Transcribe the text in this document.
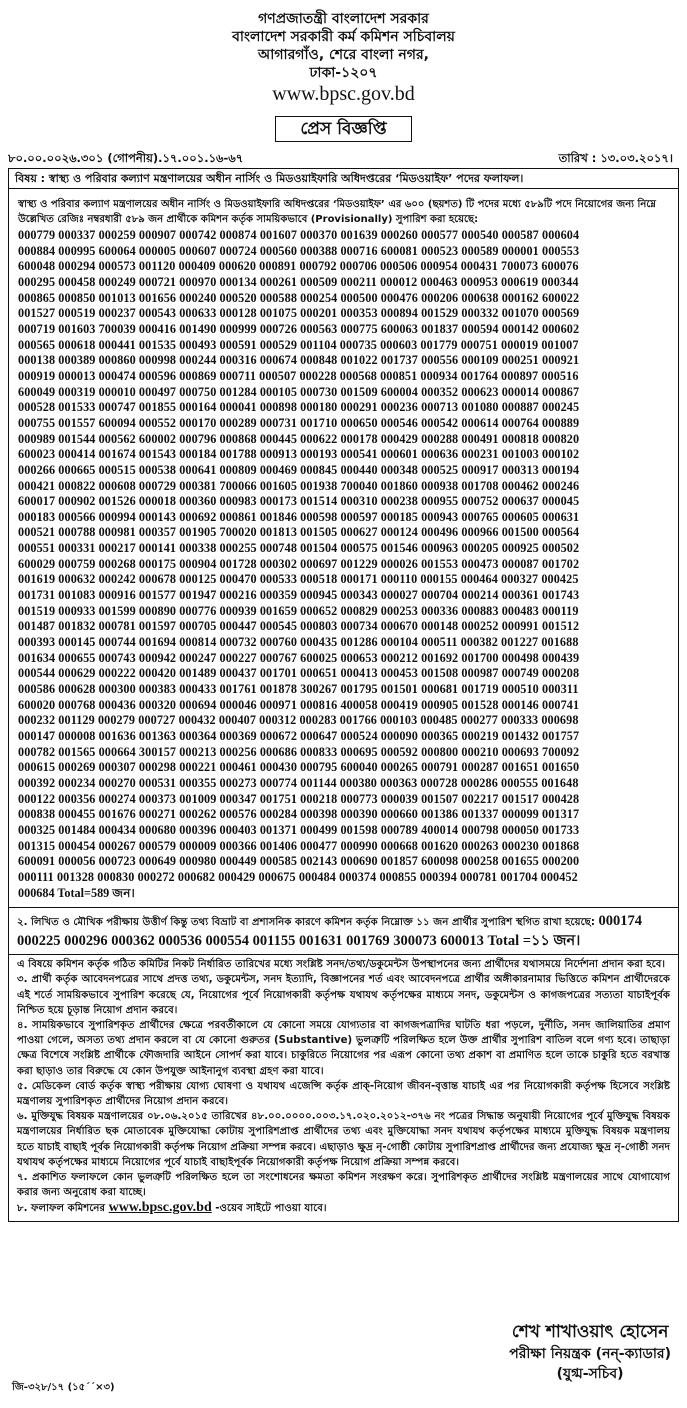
গণপ্রজাতন্ত্রী বাংলাদেশ সরকার
বাংলাদেশ সরকারী কর্ম কমিশন সচিবালয়
আগারগাঁও, শেরে বাংলা নগর,
ঢাকা-১২০৭
www.bpsc.gov.bd
প্রেস বিজ্ঞপ্তি
৮০.০০.০০২৬.৩০১ (গোপনীয়).১৭.০০১.১৬-৬৭	তারিখ : ১৩.০৩.২০১৭।
বিষয় : স্বাস্থ্য ও পরিবার কল্যাণ মন্ত্রণালয়ের অধীন নার্সিং ও মিডওয়াইফারি অধিদপ্তরের ‘মিডওয়াইফ’ পদের ফলাফল।
স্বাস্থ্য ও পরিবার কল্যাণ মন্ত্রণালয়ের অধীন নার্সিং ও মিডওয়াইফারি অধিদপ্তরের ‘মিডওয়াইফ’ এর ৬০০ (ছয়শত) টি পদের মধ্যে ৫৮৯টি পদে নিয়োগের জন্য নিম্নে উল্লেখিত রেজিঃ নম্বরধারী ৫৮৯ জন প্রার্থীকে কমিশন কর্তৃক সাময়িকভাবে (Provisionally) সুপারিশ করা হয়েছে:
000779 000337 000259 000907 000742 000874 001607 000370 001639 000260 000577 000540 000587 000604
000884 000995 600064 000005 000607 000724 000560 000388 000716 600081 000523 000589 000001 000553
600048 000294 000573 001120 000409 000620 000891 000792 000706 000506 000954 000431 700073 600076
000295 000458 000249 000721 000970 000134 000261 000509 000211 000012 000463 000953 000619 000344
000865 000850 001013 001656 000240 000520 000588 000254 000500 000476 000206 000638 000162 600022
001527 000519 000237 000543 000633 000128 001075 000201 000353 000894 001529 000332 001070 000569
000719 001603 700039 000416 001490 000999 000726 000563 000775 600063 001837 000594 000142 000602
000565 000618 000441 001535 000493 000591 000529 001104 000735 000603 001779 000751 000019 001007
000138 000389 000860 000998 000244 000316 000674 000848 001022 001737 000556 000109 000251 000921
000919 000013 000474 000596 000869 000711 000507 000228 000568 000851 000934 001764 000897 000516
600049 000319 000010 000497 000750 001284 000105 000730 001509 600004 000352 000623 000014 000867
000528 001533 000747 001855 000164 000041 000898 000180 000291 000236 000713 001080 000887 000245
000755 001557 600094 000552 000170 000289 000731 001710 000650 000546 000542 000614 000764 000889
000989 001544 000562 600002 000796 000868 000445 000622 000178 000429 000288 000491 000818 000820
600023 000414 001674 001543 000184 001788 000913 000193 000541 000601 000636 000231 001003 000102
000266 000665 000515 000538 000641 000809 000469 000845 000440 000348 000525 000917 000313 000194
000421 000822 000608 000729 000381 700066 001605 001938 700040 001860 000938 001708 000462 000246
600017 000902 001526 000018 000360 000983 000173 001514 000310 000238 000955 000752 000637 000045
000183 000566 000994 000143 000692 000861 001846 000598 000597 000185 000943 000765 000605 000631
000521 000788 000981 000357 001905 700020 001813 001505 000627 000124 000496 000966 001500 000564
000551 000331 000217 000141 000338 000255 000748 001504 000575 001546 000963 000205 000925 000502
600029 000759 000268 000175 000904 001728 000302 000697 001229 000026 001553 000473 000087 001702
001619 000632 000242 000678 000125 000470 000533 000518 000171 000110 000155 000464 000327 000425
001731 001083 000916 001577 001947 000216 000359 000945 000343 000027 000704 000214 000361 001743
001519 000933 001599 000890 000776 000939 001659 000652 000829 000253 000336 000883 000483 000119
001487 001832 000781 001597 000705 000447 000545 000803 000734 000670 000148 000252 000991 001512
000393 000145 000744 001694 000814 000732 000760 000435 001286 000104 000511 000382 001227 001688
001634 000655 000743 000942 000247 000227 000767 600025 000653 000212 001692 001700 000498 000439
000544 000629 000222 000420 001489 000437 001701 000651 000413 000453 001508 000987 000749 000208
000586 000628 000300 000383 000433 001761 001878 300267 001795 001501 000681 001719 000510 000311
600020 000768 000436 000320 000694 000046 000971 000816 400058 000419 000905 001528 000146 000741
000232 001129 000279 000727 000432 000407 000312 000283 001766 000103 000485 000277 000333 000698
000147 000008 001636 001363 000364 000369 000672 000647 000524 000090 000365 000219 001432 001757
000782 001565 000664 300157 000213 000256 000686 000833 000695 000592 000800 000210 000693 700092
000615 000269 000307 000298 000221 000461 000430 000795 600040 000265 000791 000287 001651 001650
000392 000234 000270 000531 000355 000273 000774 001144 000380 000363 000728 000286 000555 001648
000122 000356 000274 000373 001009 000347 001751 000218 000773 000039 001507 002217 001517 000428
000838 000455 001676 000271 000262 000576 000284 000398 000390 000660 001386 001337 000099 001317
000325 001484 000434 000680 000396 000403 001371 000499 001598 000789 400014 000798 000050 001733
001315 000454 000267 000579 000009 000366 001406 000477 000990 000668 001620 000263 000230 001868
600091 000056 000723 000649 000980 000449 000585 002143 000690 001857 600098 000258 001655 000200
000111 001328 000830 000272 000682 000429 000675 000484 000374 000855 000394 000781 001704 000452
000684 Total=589 জন।
২. লিখিত ও মৌখিক পরীক্ষায় উত্তীর্ণ কিন্তু তথ্য বিভ্রাট বা প্রশাসনিক কারণে কমিশন কর্তৃক নিম্নোক্ত ১১ জন প্রার্থীর সুপারিশ স্থগিত রাখা হয়েছে: 000174 000225 000296 000362 000536 000554 001155 001631 001769 300073 600013 Total =১১ জন।

এ বিষয়ে কমিশন কর্তৃক গঠিত কমিটির নিকট নির্ধারিত তারিখের মধ্যে সংশ্লিষ্ট সনদ/তথ্য/ডকুমেন্টস উপস্থাপনের জন্য প্রার্থীদের যথাসময়ে নির্দেশনা প্রদান করা হবে।

৩. প্রার্থী কর্তৃক আবেদনপত্রের সাথে প্রদত্ত তথ্য, ডকুমেন্টস, সনদ ইত্যাদি, বিজ্ঞাপনের শর্ত এবং আবেদনপত্রে প্রার্থীর অঙ্গীকারনামার ভিত্তিতে কমিশন প্রার্থীদেরকে এই শর্তে সাময়িকভাবে সুপারিশ করেছে যে, নিয়োগের পূর্বে নিয়োগকারী কর্তৃপক্ষ যথাযথ কর্তৃপক্ষের মাধ্যমে সনদ, ডকুমেন্টস ও কাগজপত্রের সত্যতা যাচাইপূর্বক নিশ্চিত হয়ে চূড়ান্ত নিয়োগ প্রদান করবে।

৪. সাময়িকভাবে সুপারিশকৃত প্রার্থীদের ক্ষেত্রে পরবর্তীকালে যে কোনো সময়ে যোগ্যতার বা কাগজপত্রাদির ঘাটতি ধরা পড়লে, দুর্নীতি, সনদ জালিয়াতির প্রমাণ পাওয়া গেলে, অসত্য তথ্য প্রদান করলে বা যে কোনো গুরুতর (Substantive) ভুলত্রুটি পরিলক্ষিত হলে উক্ত প্রার্থীর সুপারিশ বাতিল বলে গণ্য হবে। তাছাড়া ক্ষেত্র বিশেষে সংশ্লিষ্ট প্রার্থীকে ফৌজদারি আইনে সোপর্দ করা যাবে। চাকুরিতে নিয়োগের পর এরূপ কোনো তথ্য প্রকাশ বা প্রমাণিত হলে তাকে চাকুরি হতে বরখাস্ত করা ছাড়াও তার বিরুদ্ধে যে কোন উপযুক্ত আইনানুগ ব্যবস্থা গ্রহণ করা যাবে।

৫. মেডিকেল বোর্ড কর্তৃক স্বাস্থ্য পরীক্ষায় যোগ্য ঘোষণা ও যথাযথ এজেন্সি কর্তৃক প্রাক্-নিয়োগ জীবন-বৃত্তান্ত যাচাই এর পর নিয়োগকারী কর্তৃপক্ষ হিসেবে সংশ্লিষ্ট মন্ত্রণালয় সুপারিশকৃত প্রার্থীদের নিয়োগ প্রদান করবে।

৬. মুক্তিযুদ্ধ বিষয়ক মন্ত্রণালয়ের ০৮.০৬.২০১৫ তারিখের ৪৮.০০.০০০০.০০৩.১৭.০২০.২০১২-৩৭৬ নং পত্রের সিদ্ধান্ত অনুযায়ী নিয়োগের পূর্বে মুক্তিযুদ্ধ বিষয়ক মন্ত্রণালয়ের নির্ধারিত ছক মোতাবেক মুক্তিযোদ্ধা কোটায় সুপারিশপ্রাপ্ত প্রার্থীদের তথ্য এবং মুক্তিযোদ্ধা সনদ যথাযথ কর্তৃপক্ষের মাধ্যমে মুক্তিযুদ্ধ বিষয়ক মন্ত্রণালয় হতে যাচাই বাছাই পূর্বক নিয়োগকারী কর্তৃপক্ষ নিয়োগ প্রক্রিয়া সম্পন্ন করবে। এছাড়াও ক্ষুদ্র নৃ-গোষ্ঠী কোটায় সুপারিশপ্রাপ্ত প্রার্থীদের জন্য প্রযোজ্য ক্ষুদ্র নৃ-গোষ্ঠী সনদ যথাযথ কর্তৃপক্ষের মাধ্যমে নিয়োগের পূর্বে যাচাই বাছাইপূর্বক নিয়োগকারী কর্তৃপক্ষ নিয়োগ প্রক্রিয়া সম্পন্ন করবে।

৭. প্রকাশিত ফলাফলে কোন ভুলত্রুটি পরিলক্ষিত হলে তা সংশোধনের ক্ষমতা কমিশন সংরক্ষণ করে। সুপারিশকৃত প্রার্থীদের সংশ্লিষ্ট মন্ত্রণালয়ের সাথে যোগাযোগ করার জন্য অনুরোধ করা যাচ্ছে।

৮. ফলাফল কমিশনের www.bpsc.gov.bd -ওয়েব সাইটে পাওয়া যাবে।

শেখ শাখাওয়াৎ হোসেন
পরীক্ষা নিয়ন্ত্রক (নন্-ক্যাডার)
(যুগ্ম-সচিব)
জি-৩২৮/১৭ (১৫´´×৩)
